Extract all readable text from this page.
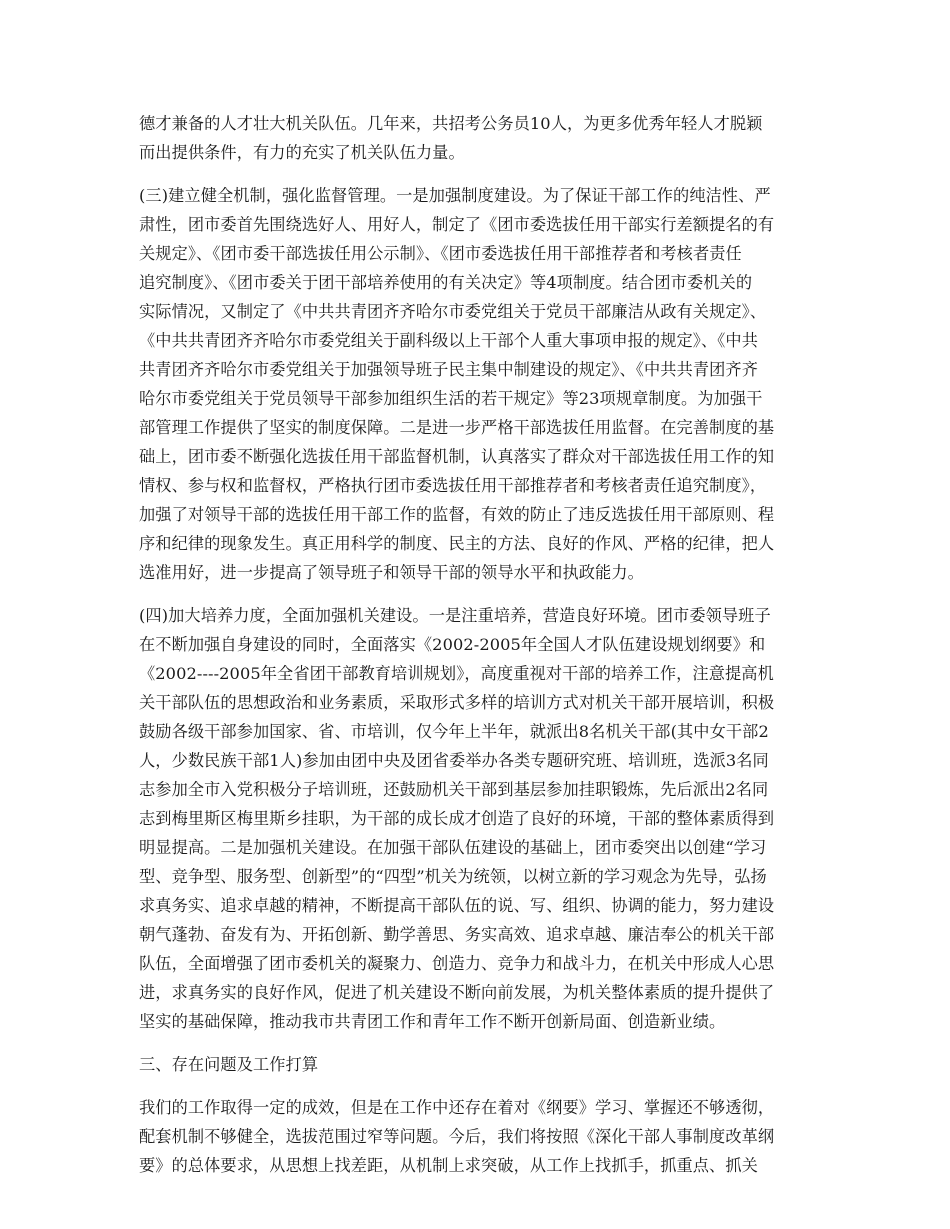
德才兼备的人才壮大机关队伍。几年来，共招考公务员10人，为更多优秀年轻人才脱颖
而出提供条件，有力的充实了机关队伍力量。

(三)建立健全机制，强化监督管理。一是加强制度建设。为了保证干部工作的纯洁性、严
肃性，团市委首先围绕选好人、用好人，制定了《团市委选拔任用干部实行差额提名的有
关规定》、《团市委干部选拔任用公示制》、《团市委选拔任用干部推荐者和考核者责任
追究制度》、《团市委关于团干部培养使用的有关决定》等4项制度。结合团市委机关的
实际情况，又制定了《中共共青团齐齐哈尔市委党组关于党员干部廉洁从政有关规定》、
《中共共青团齐齐哈尔市委党组关于副科级以上干部个人重大事项申报的规定》、《中共
共青团齐齐哈尔市委党组关于加强领导班子民主集中制建设的规定》、《中共共青团齐齐
哈尔市委党组关于党员领导干部参加组织生活的若干规定》等23项规章制度。为加强干
部管理工作提供了坚实的制度保障。二是进一步严格干部选拔任用监督。在完善制度的基
础上，团市委不断强化选拔任用干部监督机制，认真落实了群众对干部选拔任用工作的知
情权、参与权和监督权，严格执行团市委选拔任用干部推荐者和考核者责任追究制度》，
加强了对领导干部的选拔任用干部工作的监督，有效的防止了违反选拔任用干部原则、程
序和纪律的现象发生。真正用科学的制度、民主的方法、良好的作风、严格的纪律，把人
选准用好，进一步提高了领导班子和领导干部的领导水平和执政能力。

(四)加大培养力度，全面加强机关建设。一是注重培养，营造良好环境。团市委领导班子
在不断加强自身建设的同时，全面落实《2002-2005年全国人才队伍建设规划纲要》和
《2002----2005年全省团干部教育培训规划》，高度重视对干部的培养工作，注意提高机
关干部队伍的思想政治和业务素质，采取形式多样的培训方式对机关干部开展培训，积极
鼓励各级干部参加国家、省、市培训，仅今年上半年，就派出8名机关干部(其中女干部2
人，少数民族干部1人)参加由团中央及团省委举办各类专题研究班、培训班，选派3名同
志参加全市入党积极分子培训班，还鼓励机关干部到基层参加挂职锻炼，先后派出2名同
志到梅里斯区梅里斯乡挂职，为干部的成长成才创造了良好的环境，干部的整体素质得到
明显提高。二是加强机关建设。在加强干部队伍建设的基础上，团市委突出以创建“学习
型、竞争型、服务型、创新型”的“四型”机关为统领，以树立新的学习观念为先导，弘扬
求真务实、追求卓越的精神，不断提高干部队伍的说、写、组织、协调的能力，努力建设
朝气蓬勃、奋发有为、开拓创新、勤学善思、务实高效、追求卓越、廉洁奉公的机关干部
队伍，全面增强了团市委机关的凝聚力、创造力、竞争力和战斗力，在机关中形成人心思
进，求真务实的良好作风，促进了机关建设不断向前发展，为机关整体素质的提升提供了
坚实的基础保障，推动我市共青团工作和青年工作不断开创新局面、创造新业绩。

三、存在问题及工作打算

我们的工作取得一定的成效，但是在工作中还存在着对《纲要》学习、掌握还不够透彻，
配套机制不够健全，选拔范围过窄等问题。今后，我们将按照《深化干部人事制度改革纲
要》的总体要求，从思想上找差距，从机制上求突破，从工作上找抓手，抓重点、抓关
